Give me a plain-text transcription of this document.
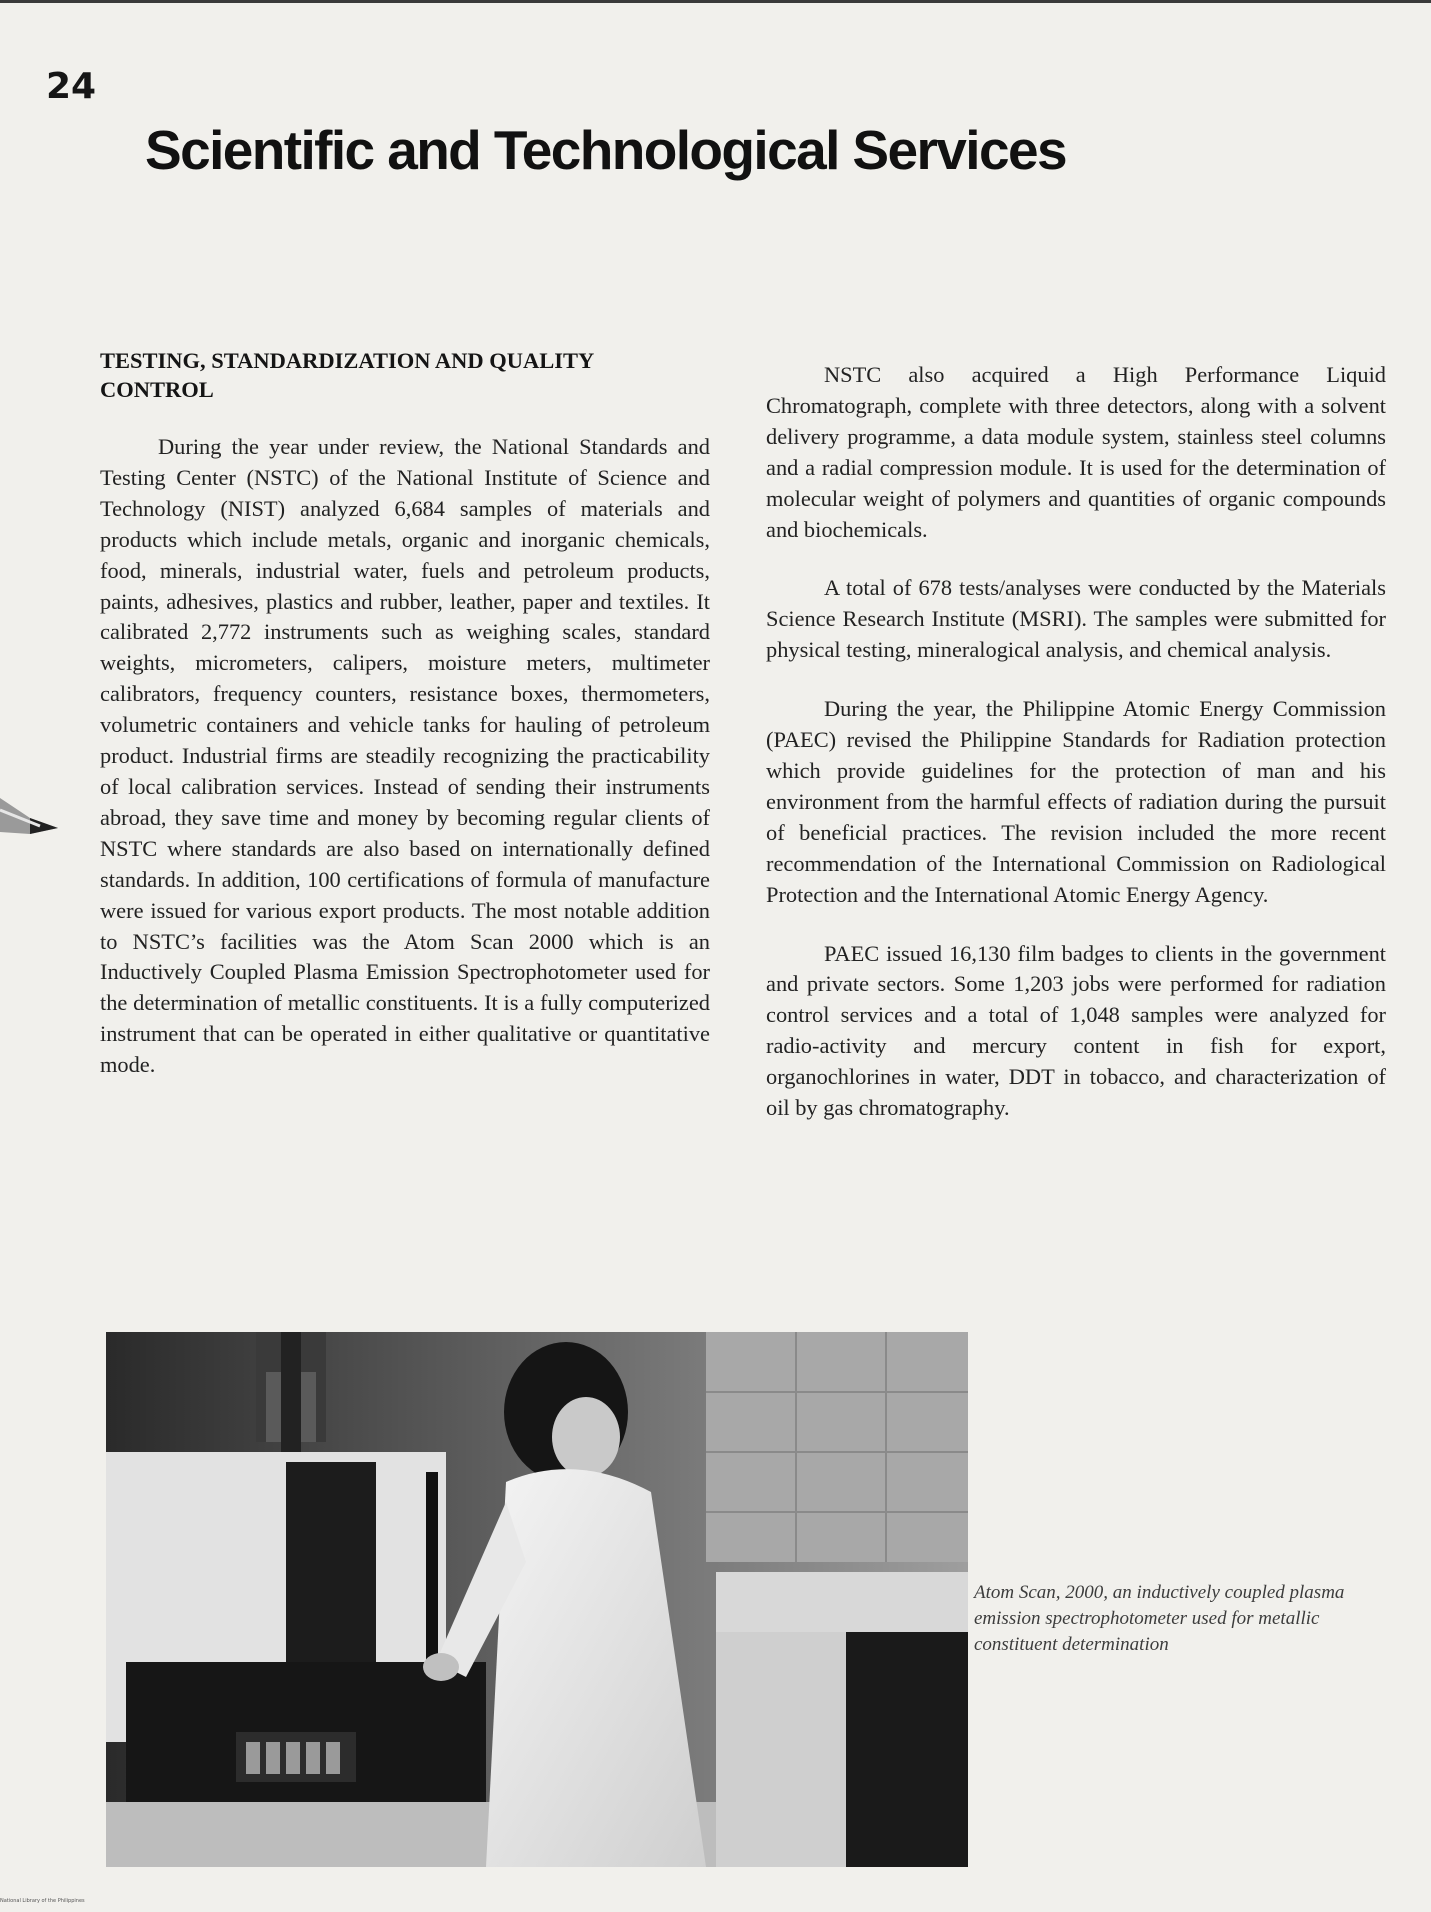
24
Scientific and Technological Services
TESTING, STANDARDIZATION AND QUALITY CONTROL

During the year under review, the National Standards and Testing Center (NSTC) of the National Institute of Science and Technology (NIST) analyzed 6,684 samples of materials and products which include metals, organic and inorganic chemicals, food, minerals, industrial water, fuels and petroleum products, paints, adhesives, plastics and rubber, leather, paper and textiles. It calibrated 2,772 instruments such as weighing scales, standard weights, micrometers, calipers, moisture meters, multimeter calibrators, frequency counters, resistance boxes, thermometers, volumetric containers and vehicle tanks for hauling of petroleum product. Industrial firms are steadily recognizing the practicability of local calibration services. Instead of sending their instruments abroad, they save time and money by becoming regular clients of NSTC where standards are also based on internationally defined standards. In addition, 100 certifications of formula of manufacture were issued for various export products. The most notable addition to NSTC’s facilities was the Atom Scan 2000 which is an Inductively Coupled Plasma Emission Spectrophotometer used for the determination of metallic constituents. It is a fully computerized instrument that can be operated in either qualitative or quantitative mode.

NSTC also acquired a High Performance Liquid Chromatograph, complete with three detectors, along with a solvent delivery programme, a data module system, stainless steel columns and a radial compression module. It is used for the determination of molecular weight of polymers and quantities of organic compounds and biochemicals.

A total of 678 tests/analyses were conducted by the Materials Science Research Institute (MSRI). The samples were submitted for physical testing, mineralogical analysis, and chemical analysis.

During the year, the Philippine Atomic Energy Commission (PAEC) revised the Philippine Standards for Radiation protection which provide guidelines for the protection of man and his environment from the harmful effects of radiation during the pursuit of beneficial practices. The revision included the more recent recommendation of the International Commission on Radiological Protection and the International Atomic Energy Agency.

PAEC issued 16,130 film badges to clients in the government and private sectors. Some 1,203 jobs were performed for radiation control services and a total of 1,048 samples were analyzed for radio-activity and mercury content in fish for export, organochlorines in water, DDT in tobacco, and characterization of oil by gas chromatography.

Atom Scan, 2000, an inductively coupled plasma emission spectrophotometer used for metallic constituent determination

National Library of the Philippines
